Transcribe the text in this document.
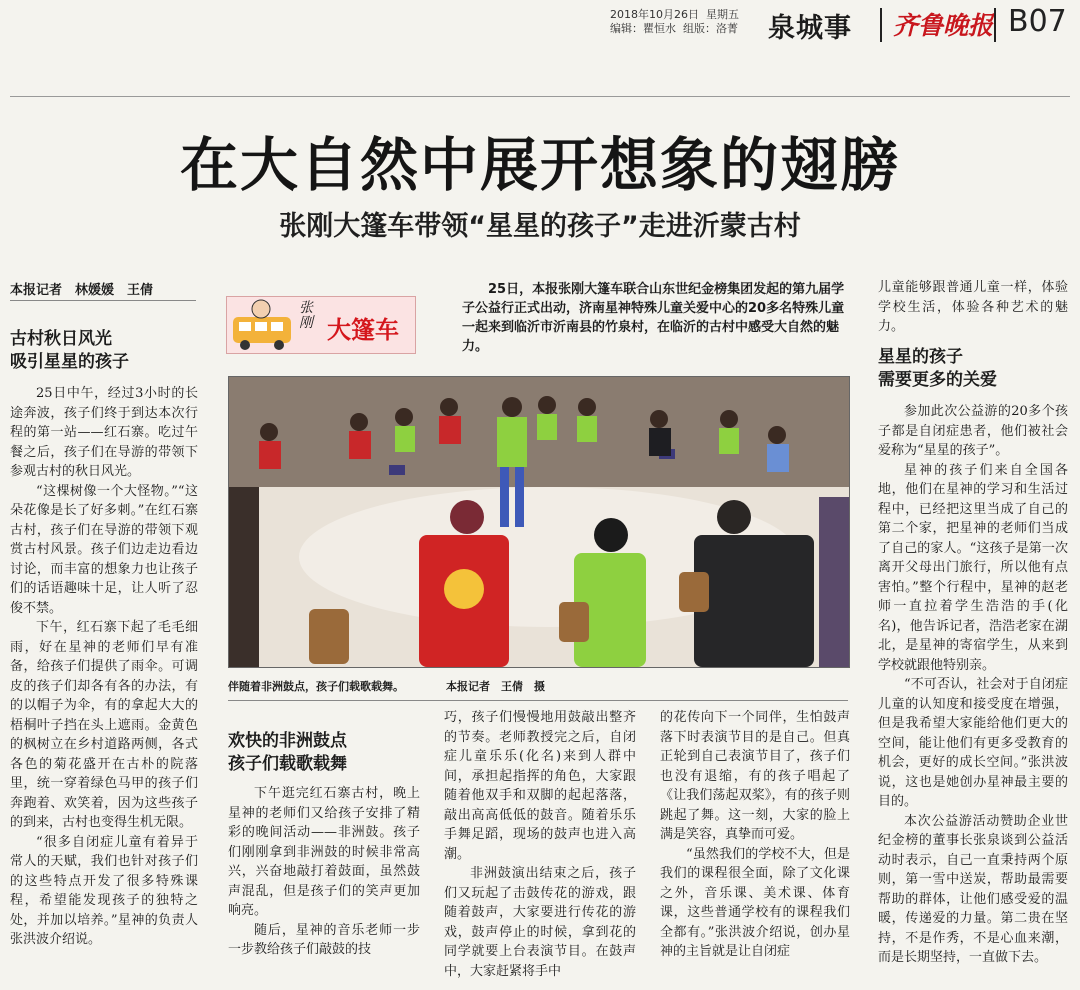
2018年10月26日 星期五
编辑：瞿恒水 组版：洛菁 泉城事 齐鲁晚报 B07
在大自然中展开想象的翅膀
张刚大篷车带领“星星的孩子”走进沂蒙古村
本报记者　林媛媛　王倩
古村秋日风光
吸引星星的孩子

25日中午，经过3小时的长途奔波，孩子们终于到达本次行程的第一站——红石寨。吃过午餐之后，孩子们在导游的带领下参观古村的秋日风光。

“这棵树像一个大怪物。”“这朵花像是长了好多刺。”在红石寨古村，孩子们在导游的带领下观赏古村风景。孩子们边走边看边讨论，而丰富的想象力也让孩子们的话语趣味十足，让人听了忍俊不禁。

下午，红石寨下起了毛毛细雨，好在星神的老师们早有准备，给孩子们提供了雨伞。可调皮的孩子们却各有各的办法，有的以帽子为伞，有的拿起大大的梧桐叶子挡在头上遮雨。金黄色的枫树立在乡村道路两侧，各式各色的菊花盛开在古朴的院落里，统一穿着绿色马甲的孩子们奔跑着、欢笑着，因为这些孩子的到来，古村也变得生机无限。

“很多自闭症儿童有着异于常人的天赋，我们也针对孩子们的这些特点开发了很多特殊课程，希望能发现孩子的独特之处，并加以培养。”星神的负责人张洪波介绍说。

张刚 大篷车
25日，本报张刚大篷车联合山东世纪金榜集团发起的第九届学子公益行正式出动，济南星神特殊儿童关爱中心的20多名特殊儿童一起来到临沂市沂南县的竹泉村，在临沂的古村中感受大自然的魅力。
伴随着非洲鼓点，孩子们载歌载舞。	本报记者　王倩　摄
欢快的非洲鼓点
孩子们载歌载舞

下午逛完红石寨古村，晚上星神的老师们又给孩子安排了精彩的晚间活动——非洲鼓。孩子们刚刚拿到非洲鼓的时候非常高兴，兴奋地敲打着鼓面，虽然鼓声混乱，但是孩子们的笑声更加响亮。

随后，星神的音乐老师一步一步教给孩子们敲鼓的技

巧，孩子们慢慢地用鼓敲出整齐的节奏。老师教授完之后，自闭症儿童乐乐(化名)来到人群中间，承担起指挥的角色，大家跟随着他双手和双脚的起起落落，敲出高高低低的鼓音。随着乐乐手舞足蹈，现场的鼓声也进入高潮。

非洲鼓演出结束之后，孩子们又玩起了击鼓传花的游戏，跟随着鼓声，大家要进行传花的游戏，鼓声停止的时候，拿到花的同学就要上台表演节目。在鼓声中，大家赶紧将手中

的花传向下一个同伴，生怕鼓声落下时表演节目的是自己。但真正轮到自己表演节目了，孩子们也没有退缩，有的孩子唱起了《让我们荡起双桨》，有的孩子则跳起了舞。这一刻，大家的脸上满是笑容，真挚而可爱。

“虽然我们的学校不大，但是我们的课程很全面，除了文化课之外，音乐课、美术课、体育课，这些普通学校有的课程我们全都有。”张洪波介绍说，创办星神的主旨就是让自闭症

儿童能够跟普通儿童一样，体验学校生活，体验各种艺术的魅力。

星星的孩子
需要更多的关爱

参加此次公益游的20多个孩子都是自闭症患者，他们被社会爱称为“星星的孩子”。

星神的孩子们来自全国各地，他们在星神的学习和生活过程中，已经把这里当成了自己的第二个家，把星神的老师们当成了自己的家人。“这孩子是第一次离开父母出门旅行，所以他有点害怕。”整个行程中，星神的赵老师一直拉着学生浩浩的手(化名)，他告诉记者，浩浩老家在湖北，是星神的寄宿学生，从来到学校就跟他特别亲。

“不可否认，社会对于自闭症儿童的认知度和接受度在增强，但是我希望大家能给他们更大的空间，能让他们有更多受教育的机会，更好的成长空间。”张洪波说，这也是她创办星神最主要的目的。

本次公益游活动赞助企业世纪金榜的董事长张泉谈到公益活动时表示，自己一直秉持两个原则，第一雪中送炭，帮助最需要帮助的群体，让他们感受爱的温暖，传递爱的力量。第二贵在坚持，不是作秀，不是心血来潮，而是长期坚持，一直做下去。
